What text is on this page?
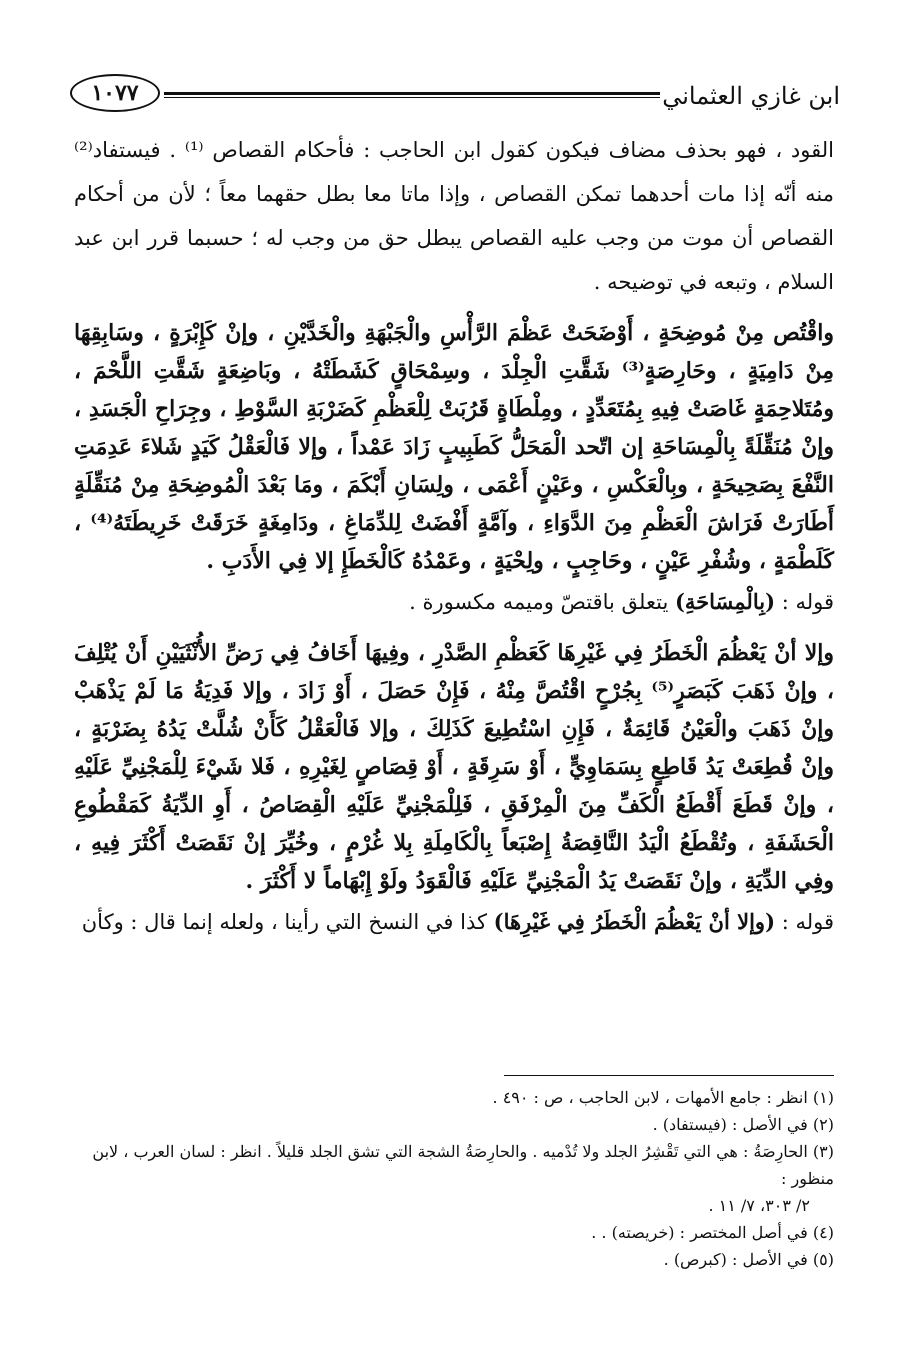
ابن غازي العثماني
١٠٧٧

القود ، فهو بحذف مضاف فيكون كقول ابن الحاجب : فأحكام القصاص ⁽¹⁾ . فيستفاد⁽²⁾ منه أنّه إذا مات أحدهما تمكن القصاص ، وإذا ماتا معا بطل حقهما معاً ؛ لأن من أحكام القصاص أن موت من وجب عليه القصاص يبطل حق من وجب له ؛ حسبما قرر ابن عبد السلام ، وتبعه في توضيحه .

واقْتُص مِنْ مُوضِحَةٍ ، أَوْضَحَتْ عَظْمَ الرَّأْسِ والْجَبْهَةِ والْخَدَّيْنِ ، وإنْ كَإِبْرَةٍ ، وسَابِقِهَا مِنْ دَامِيَةٍ ، وحَارِصَةٍ⁽³⁾ شَقَّتِ الْجِلْدَ ، وسِمْحَاقٍ كَشَطَتْهُ ، وبَاضِعَةٍ شَقَّتِ اللَّحْمَ ، ومُتَلاحِمَةٍ غَاصَتْ فِيهِ بِمُتَعَدِّدٍ ، ومِلْطَاةٍ قَرُبَتْ لِلْعَظْمِ كَضَرْبَةِ السَّوْطِ ، وجِرَاحِ الْجَسَدِ ، وإنْ مُنَقِّلَةً بِالْمِسَاحَةِ إن اتّحد الْمَحَلُّ كَطَبِيبٍ زَادَ عَمْداً ، وإلا فَالْعَقْلُ كَيَدٍ شَلاءَ عَدِمَتِ النَّفْعَ بِصَحِيحَةٍ ، وبِالْعَكْسِ ، وعَيْنٍ أَعْمَى ، ولِسَانِ أَبْكَمَ ، ومَا بَعْدَ الْمُوضِحَةِ مِنْ مُنَقِّلَةٍ أَطَارَتْ فَرَاشَ الْعَظْمِ مِنَ الدَّوَاءِ ، وآمَّةٍ أَفْضَتْ لِلدِّمَاغِ ، ودَامِغَةٍ خَرَقَتْ خَرِيطَتَهُ⁽⁴⁾ ، كَلَطْمَةٍ ، وشُفْرِ عَيْنٍ ، وحَاجِبٍ ، ولِحْيَةٍ ، وعَمْدُهُ كَالْخَطَإِ إلا فِي الأَدَبِ .

قوله : (بِالْمِسَاحَةِ) يتعلق باقتصّ وميمه مكسورة .

وإلا أنْ يَعْظُمَ الْخَطَرُ فِي غَيْرِهَا كَعَظْمِ الصَّدْرِ ، وفِيهَا أَخَافُ فِي رَضِّ الأُنْثَيَيْنِ أَنْ يُتْلِفَ ، وإنْ ذَهَبَ كَبَصَرٍ⁽⁵⁾ بِجُرْحٍ اقْتُصَّ مِنْهُ ، فَإِنْ حَصَلَ ، أَوْ زَادَ ، وإلا فَدِيَةُ مَا لَمْ يَذْهَبْ وإنْ ذَهَبَ والْعَيْنُ قَائِمَةٌ ، فَإِنِ اسْتُطِيعَ كَذَلِكَ ، وإلا فَالْعَقْلُ كَأَنْ شُلَّتْ يَدُهُ بِضَرْبَةٍ ، وإنْ قُطِعَتْ يَدُ قَاطِعٍ بِسَمَاوِيٍّ ، أَوْ سَرِقَةٍ ، أَوْ قِصَاصٍ لِغَيْرِهِ ، فَلا شَيْءَ لِلْمَجْنِيِّ عَلَيْهِ ، وإنْ قَطَعَ أَقْطَعُ الْكَفِّ مِنَ الْمِرْفَقِ ، فَلِلْمَجْنِيِّ عَلَيْهِ الْقِصَاصُ ، أَوِ الدِّيَةُ كَمَقْطُوعِ الْحَشَفَةِ ، وتُقْطَعُ الْيَدُ النَّاقِصَةُ إِصْبَعاً بِالْكَامِلَةِ بِلا غُرْمٍ ، وخُيِّرَ إنْ نَقَصَتْ أَكْثَرَ فِيهِ ، وفِي الدِّيَةِ ، وإنْ نَقَصَتْ يَدُ الْمَجْنِيِّ عَلَيْهِ فَالْقَوَدُ ولَوْ إِبْهَاماً لا أَكْثَرَ .

قوله : (وإلا أنْ يَعْظُمَ الْخَطَرُ فِي غَيْرِهَا) كذا في النسخ التي رأينا ، ولعله إنما قال : وكأن

(١) انظر : جامع الأمهات ، لابن الحاجب ، ص : ٤٩٠ .

(٢) في الأصل : (فيستفاد) .

(٣) الحارِصَةُ : هي التي تَقْشِرُ الجلد ولا تُدْميه . والحارِصَةُ الشجة التي تشق الجلد قليلاً . انظر : لسان العرب ، لابن منظور :

٢/ ٣٠٣، ٧/ ١١ .

(٤) في أصل المختصر : (خريصته) . .

(٥) في الأصل : (كبرص) .
